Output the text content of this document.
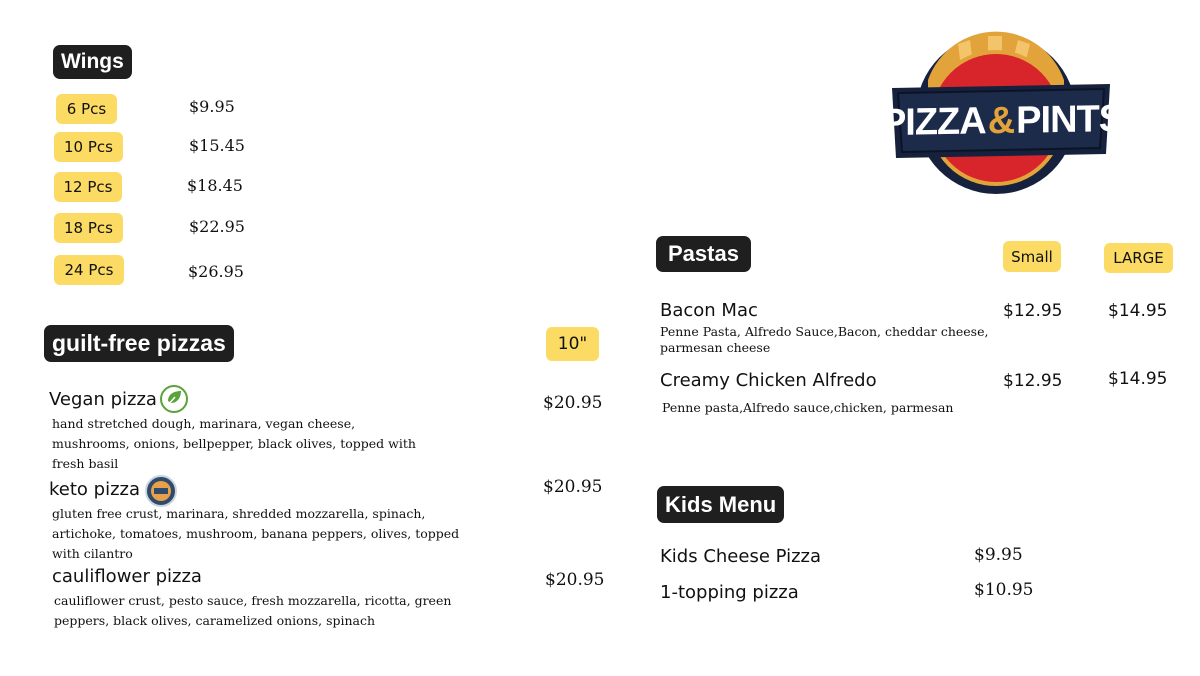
PIZZA & PINTS
Wings
6 Pcs	$9.95
10 Pcs	$15.45
12 Pcs	$18.45
18 Pcs	$22.95
24 Pcs	$26.95
guilt-free pizzas	10"
Vegan pizza	$20.95
hand stretched dough, marinara, vegan cheese,
mushrooms, onions, bellpepper, black olives, topped with
fresh basil
keto pizza	$20.95
gluten free crust, marinara, shredded mozzarella, spinach,
artichoke, tomatoes, mushroom, banana peppers, olives, topped
with cilantro
cauliflower pizza	$20.95
cauliflower crust, pesto sauce, fresh mozzarella, ricotta, green
peppers, black olives, caramelized onions, spinach
Pastas	Small	LARGE
Bacon Mac	$12.95	$14.95
Penne Pasta, Alfredo Sauce,Bacon, cheddar cheese,
parmesan cheese
Creamy Chicken Alfredo	$12.95	$14.95
Penne pasta,Alfredo sauce,chicken, parmesan
Kids Menu
Kids Cheese Pizza	$9.95
1-topping pizza	$10.95
